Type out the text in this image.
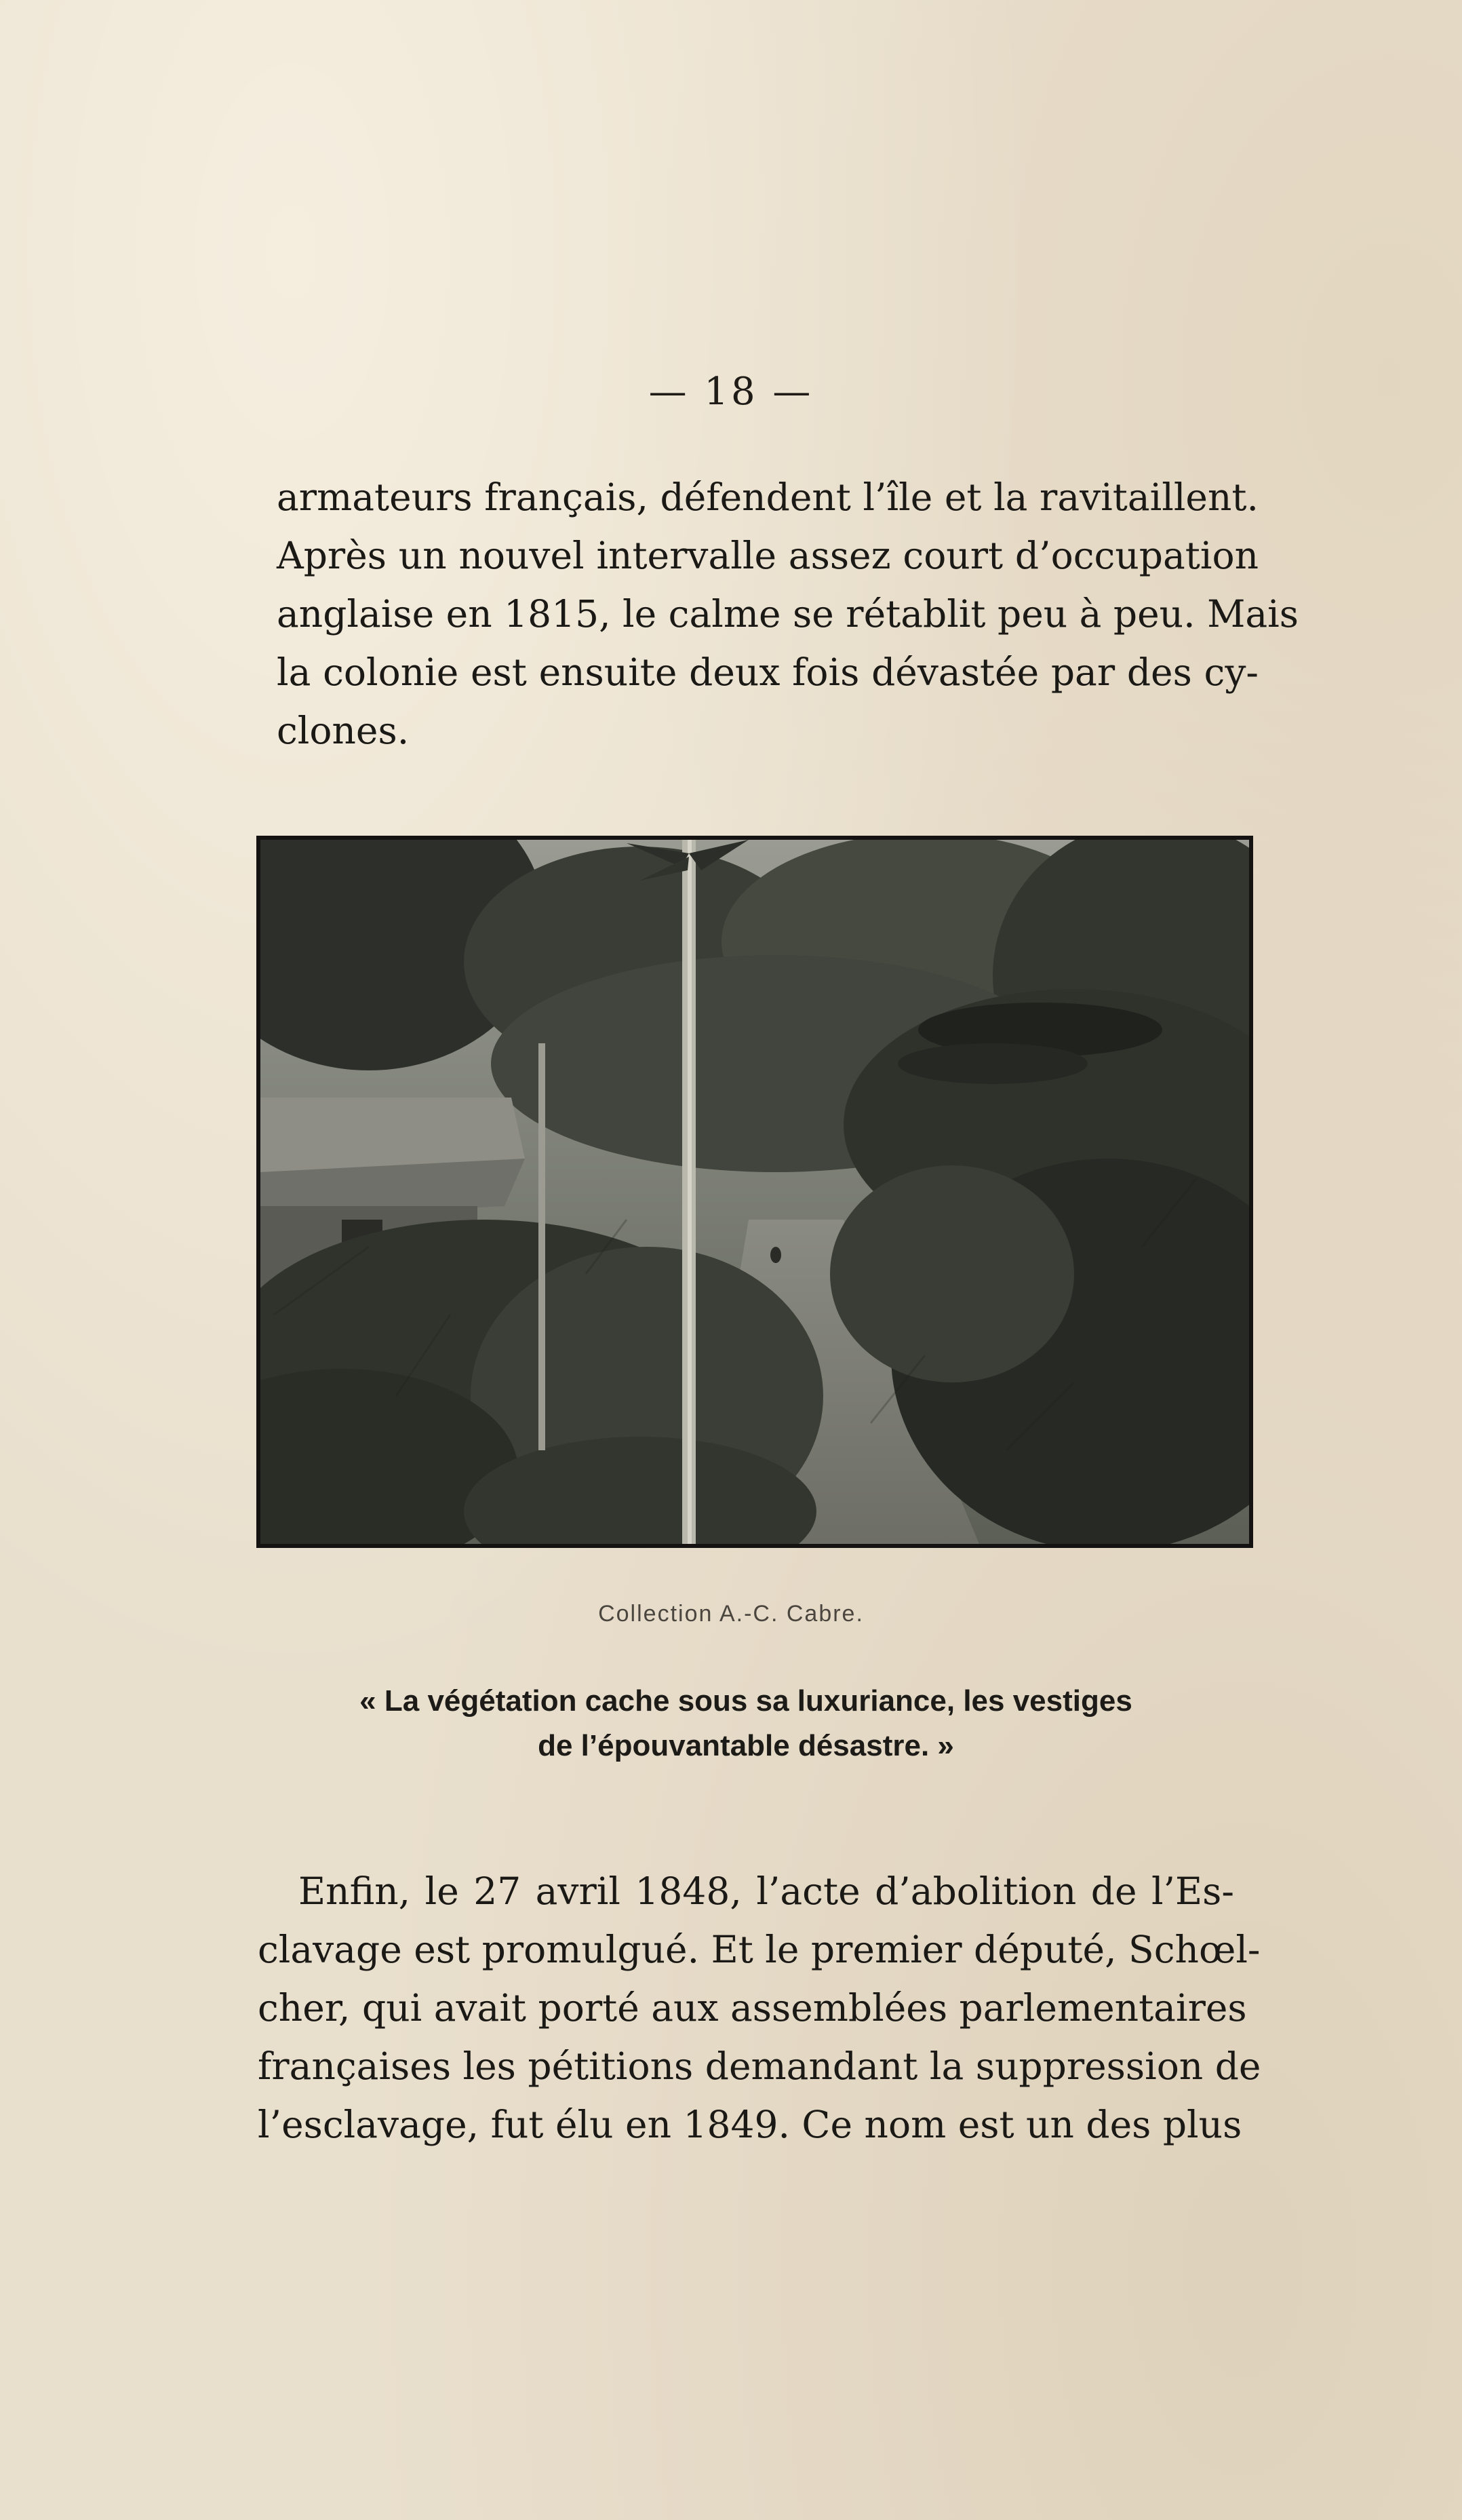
— 18 —

armateurs français, défendent l’île et la ravitaillent.
Après un nouvel intervalle assez court d’occupation
anglaise en 1815, le calme se rétablit peu à peu. Mais
la colonie est ensuite deux fois dévastée par des cy-
clones.

Collection A.-C. Cabre.
« La végétation cache sous sa luxuriance, les vestiges
de l’épouvantable désastre. »

Enfin, le 27 avril 1848, l’acte d’abolition de l’Es-
clavage est promulgué. Et le premier député, Schœl-
cher, qui avait porté aux assemblées parlementaires
françaises les pétitions demandant la suppression de
l’esclavage, fut élu en 1849. Ce nom est un des plus
